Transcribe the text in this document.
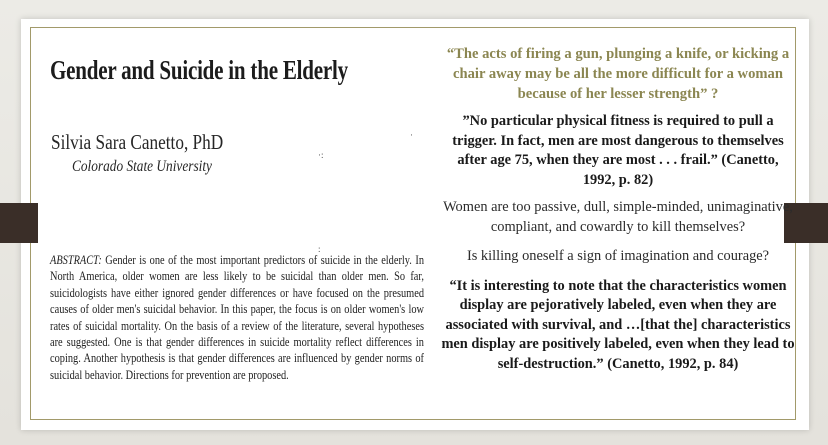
Gender and Suicide in the Elderly
Silvia Sara Canetto, PhD
Colorado State University
·:
·
:
ABSTRACT: Gender is one of the most important predictors of suicide in the elderly. In North America, older women are less likely to be suicidal than older men. So far, suicidologists have either ignored gender differences or have focused on the presumed causes of older men's suicidal behavior. In this paper, the focus is on older women's low rates of suicidal mortality. On the basis of a review of the literature, several hypotheses are suggested. One is that gender differences in suicide mortality reflect differences in coping. Another hypothesis is that gender differences are influenced by gender norms of suicidal behavior. Directions for prevention are proposed.

“The acts of firing a gun, plunging a knife, or kicking a chair away may be all the more difficult for a woman because of her lesser strength” ?

”No particular physical fitness is required to pull a trigger. In fact, men are most dangerous to themselves after age 75, when they are most . . . frail.” (Canetto, 1992, p. 82)

Women are too passive, dull, simple-minded, unimaginative, compliant, and cowardly to kill themselves?

Is killing oneself a sign of imagination and courage?

“It is interesting to note that the characteristics women display are pejoratively labeled, even when they are associated with survival, and …[that the] characteristics men display are positively labeled, even when they lead to self-destruction.” (Canetto, 1992, p. 84)
